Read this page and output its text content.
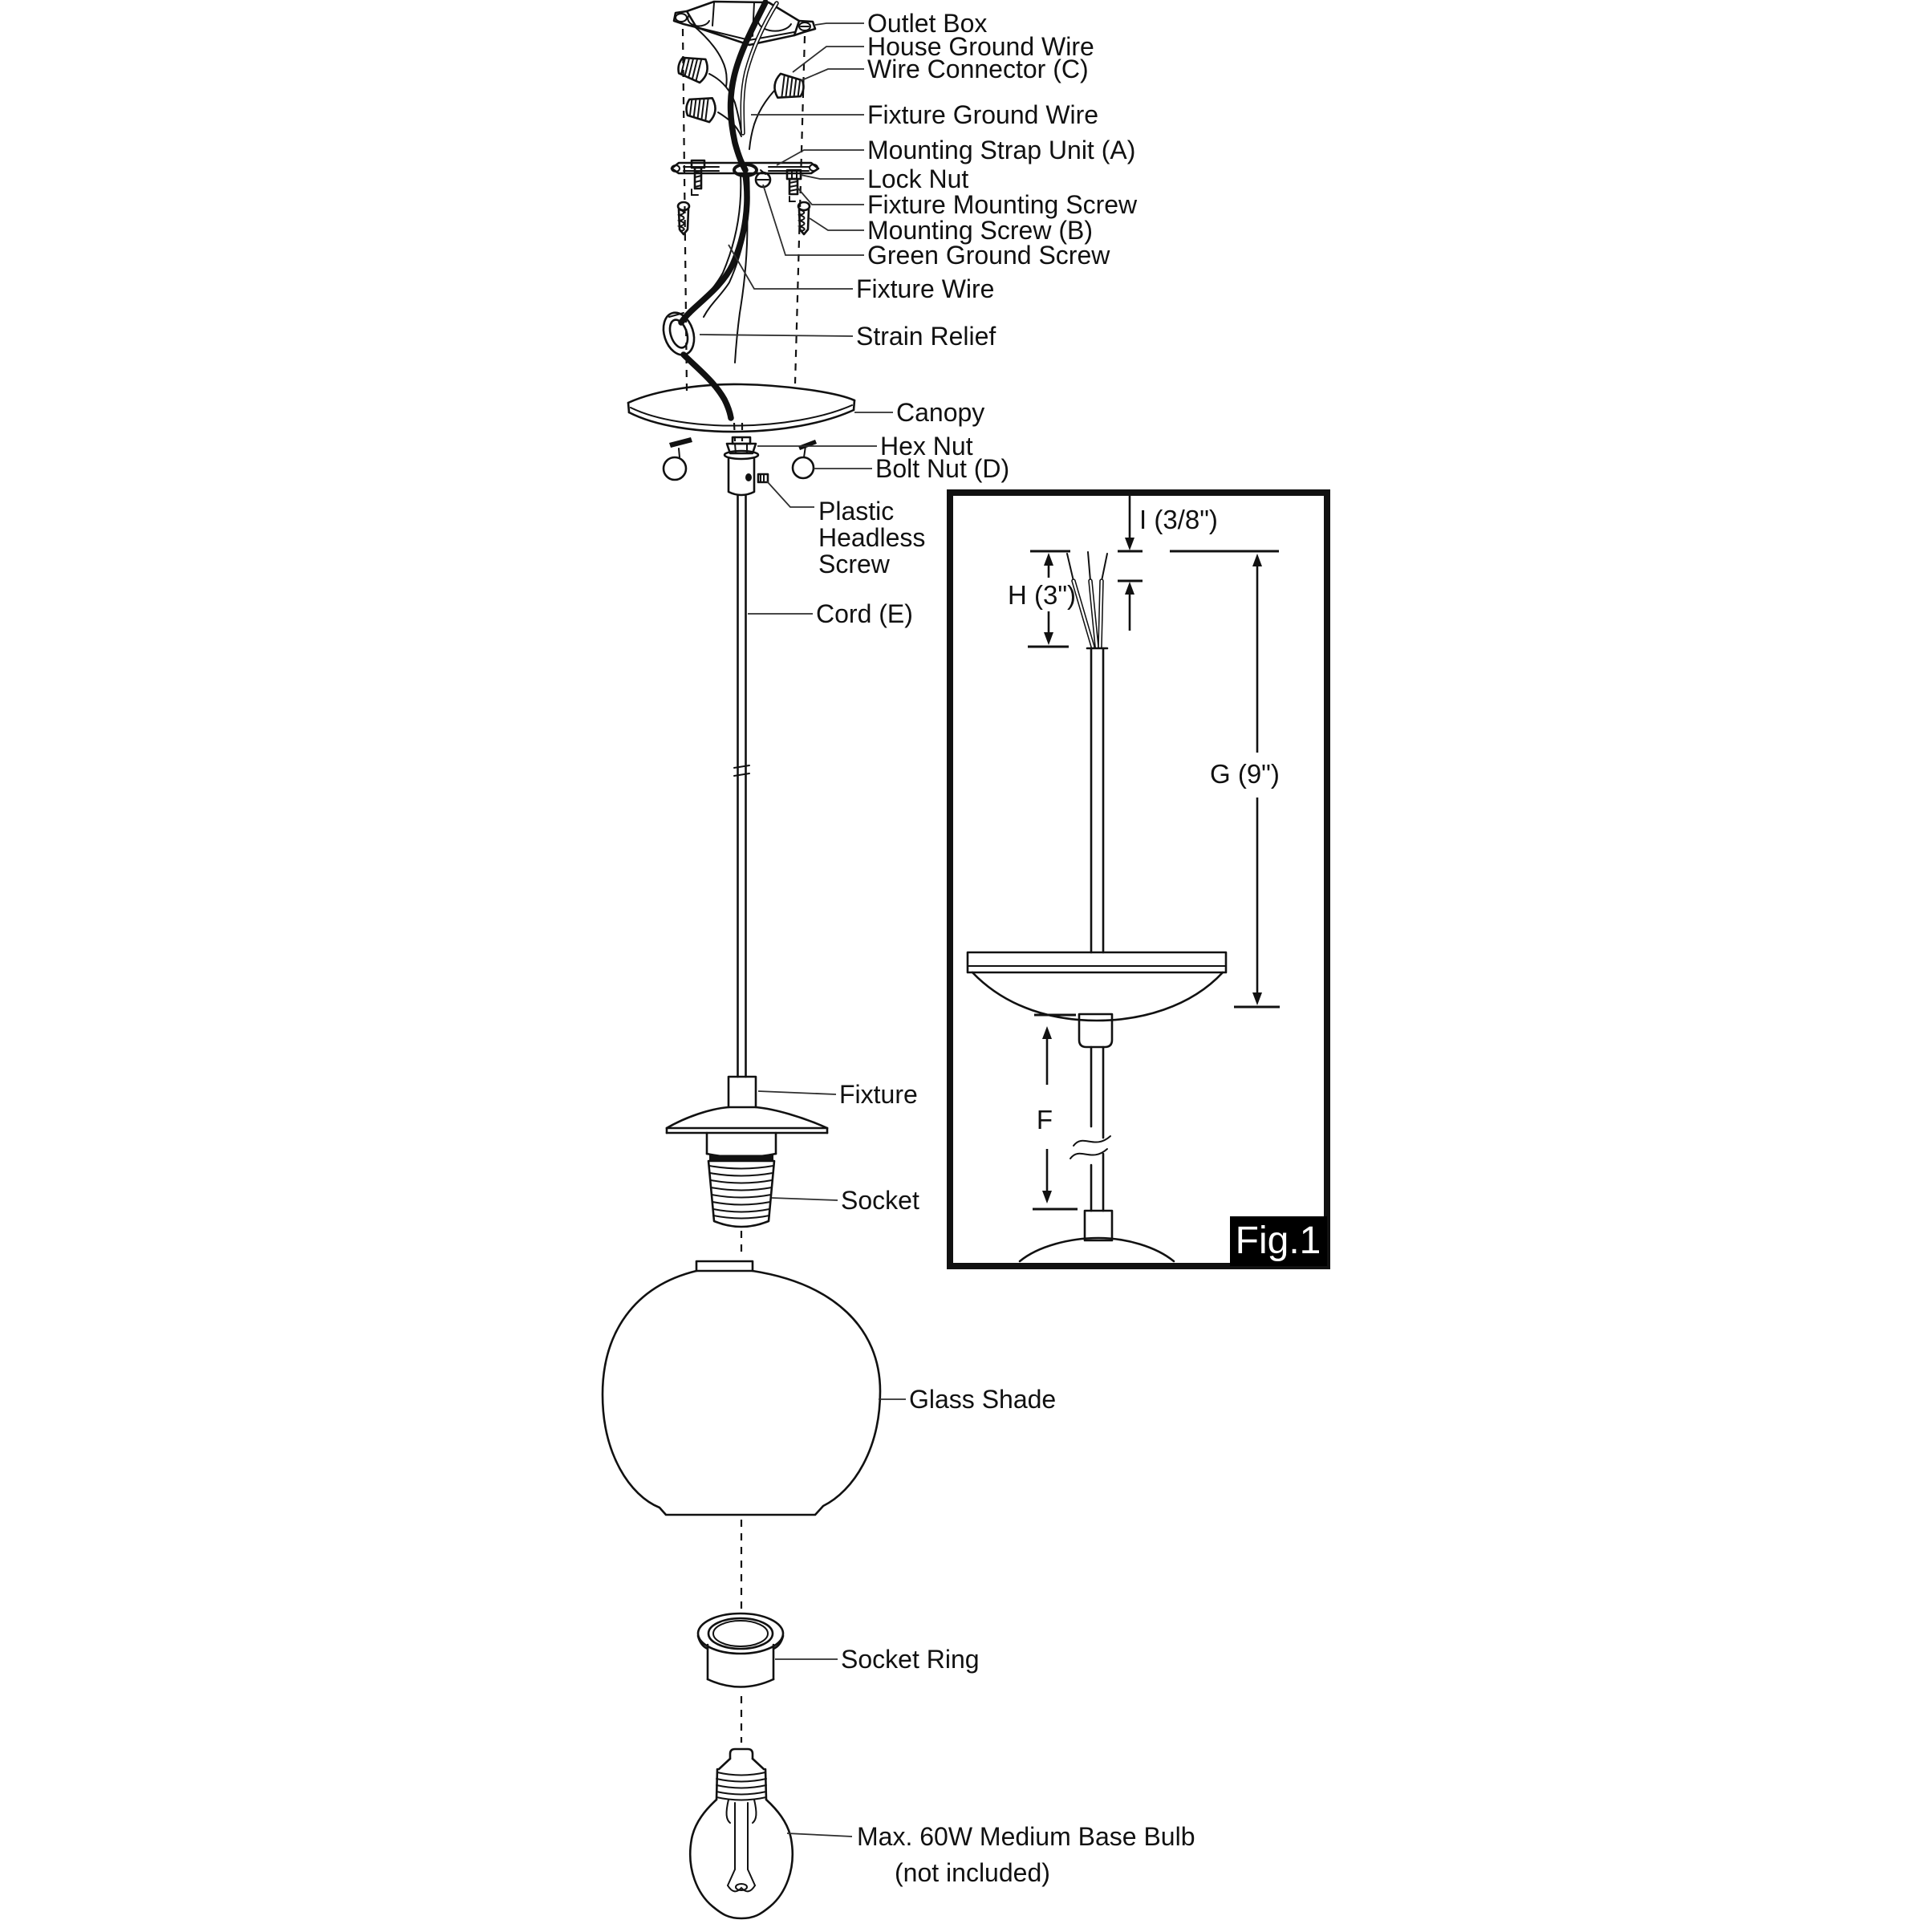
Outlet Box
House Ground Wire
Wire Connector (C)
Fixture Ground Wire
Mounting Strap Unit (A)
Lock Nut
Fixture Mounting Screw
Mounting Screw (B)
Green Ground Screw
Fixture Wire
Strain Relief
Canopy
Hex Nut
Bolt Nut (D)
Plastic
Headless
Screw
Cord (E)
Fixture
Socket
Glass Shade
Socket Ring
Max. 60W Medium Base Bulb
(not included)
I (3/8")
H (3")
G (9")
F
Fig.1
